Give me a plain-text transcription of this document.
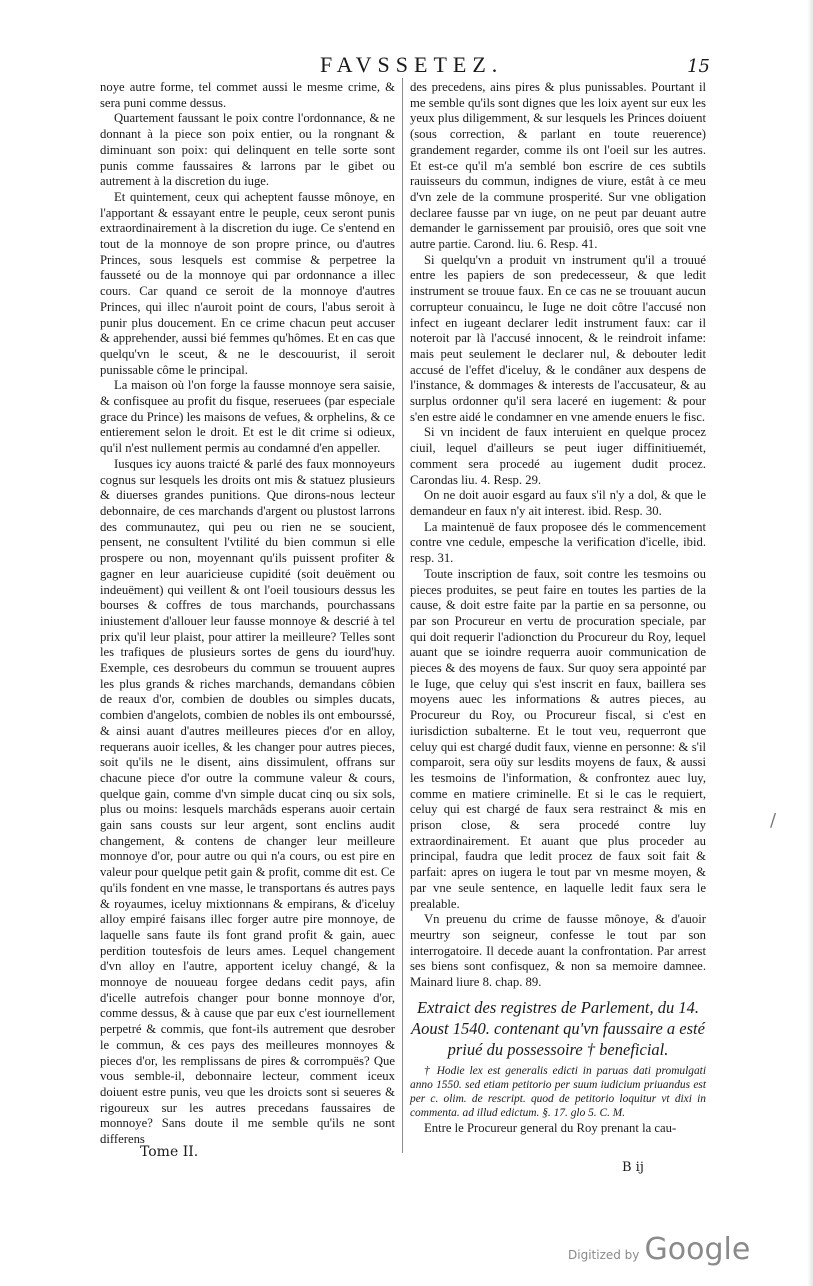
FAVSSETEZ.	15

noye autre forme, tel commet aussi le mesme crime, & sera puni comme dessus.

Quartement faussant le poix contre l'ordonnance, & ne donnant à la piece son poix entier, ou la rongnant & diminuant son poix: qui delinquent en telle sorte sont punis comme faussaires & larrons par le gibet ou autrement à la discretion du iuge.

Et quintement, ceux qui acheptent fausse mônoye, en l'apportant & essayant entre le peuple, ceux seront punis extraordinairement à la discretion du iuge. Ce s'entend en tout de la monnoye de son propre prince, ou d'autres Princes, sous lesquels est commise & perpetree la fausseté ou de la monnoye qui par ordonnance a illec cours. Car quand ce seroit de la monnoye d'autres Princes, qui illec n'auroit point de cours, l'abus seroit à punir plus doucement. En ce crime chacun peut accuser & apprehender, aussi bié femmes qu'hômes. Et en cas que quelqu'vn le sceut, & ne le descouurist, il seroit punissable côme le principal.

La maison où l'on forge la fausse monnoye sera saisie, & confisquee au profit du fisque, reseruees (par especiale grace du Prince) les maisons de vefues, & orphelins, & ce entierement selon le droit. Et est le dit crime si odieux, qu'il n'est nullement permis au condamné d'en appeller.

Iusques icy auons traicté & parlé des faux monnoyeurs cognus sur lesquels les droits ont mis & statuez plusieurs & diuerses grandes punitions. Que dirons-nous lecteur debonnaire, de ces marchands d'argent ou plustost larrons des communautez, qui peu ou rien ne se soucient, pensent, ne consultent l'vtilité du bien commun si elle prospere ou non, moyennant qu'ils puissent profiter & gagner en leur auaricieuse cupidité (soit deuëment ou indeuëment) qui veillent & ont l'oeil tousiours dessus les bourses & coffres de tous marchands, pourchassans iniustement d'allouer leur fausse monnoye & descrié à tel prix qu'il leur plaist, pour attirer la meilleure? Telles sont les trafiques de plusieurs sortes de gens du iourd'huy. Exemple, ces desrobeurs du commun se trouuent aupres les plus grands & riches marchands, demandans côbien de reaux d'or, combien de doubles ou simples ducats, combien d'angelots, combien de nobles ils ont embourssé, & ainsi auant d'autres meilleures pieces d'or en alloy, requerans auoir icelles, & les changer pour autres pieces, soit qu'ils ne le disent, ains dissimulent, offrans sur chacune piece d'or outre la commune valeur & cours, quelque gain, comme d'vn simple ducat cinq ou six sols, plus ou moins: lesquels marchâds esperans auoir certain gain sans cousts sur leur argent, sont enclins audit changement, & contens de changer leur meilleure monnoye d'or, pour autre ou qui n'a cours, ou est pire en valeur pour quelque petit gain & profit, comme dit est. Ce qu'ils fondent en vne masse, le transportans és autres pays & royaumes, iceluy mixtionnans & empirans, & d'iceluy alloy empiré faisans illec forger autre pire monnoye, de laquelle sans faute ils font grand profit & gain, auec perdition toutesfois de leurs ames. Lequel changement d'vn alloy en l'autre, apportent iceluy changé, & la monnoye de nouueau forgee dedans cedit pays, afin d'icelle autrefois changer pour bonne monnoye d'or, comme dessus, & à cause que par eux c'est iournellement perpetré & commis, que font-ils autrement que desrober le commun, & ces pays des meilleures monnoyes & pieces d'or, les remplissans de pires & corrompuës? Que vous semble-il, debonnaire lecteur, comment iceux doiuent estre punis, veu que les droicts sont si seueres & rigoureux sur les autres precedans faussaires de monnoye? Sans doute il me semble qu'ils ne sont differens

des precedens, ains pires & plus punissables. Pourtant il me semble qu'ils sont dignes que les loix ayent sur eux les yeux plus diligemment, & sur lesquels les Princes doiuent (sous correction, & parlant en toute reuerence) grandement regarder, comme ils ont l'oeil sur les autres. Et est-ce qu'il m'a semblé bon escrire de ces subtils rauisseurs du commun, indignes de viure, estât à ce meu d'vn zele de la commune prosperité. Sur vne obligation declaree fausse par vn iuge, on ne peut par deuant autre demander le garnissement par prouisiô, ores que soit vne autre partie. Carond. liu. 6. Resp. 41.

Si quelqu'vn a produit vn instrument qu'il a trouué entre les papiers de son predecesseur, & que ledit instrument se trouue faux. En ce cas ne se trouuant aucun corrupteur conuaincu, le Iuge ne doit côtre l'accusé non infect en iugeant declarer ledit instrument faux: car il noteroit par là l'accusé innocent, & le reindroit infame: mais peut seulement le declarer nul, & debouter ledit accusé de l'effet d'iceluy, & le condâner aux despens de l'instance, & dommages & interests de l'accusateur, & au surplus ordonner qu'il sera laceré en iugement: & pour s'en estre aidé le condamner en vne amende enuers le fisc.

Si vn incident de faux interuient en quelque procez ciuil, lequel d'ailleurs se peut iuger diffinitiuemét, comment sera procedé au iugement dudit procez. Carondas liu. 4. Resp. 29.

On ne doit auoir esgard au faux s'il n'y a dol, & que le demandeur en faux n'y ait interest. ibid. Resp. 30.

La maintenuë de faux proposee dés le commencement contre vne cedule, empesche la verification d'icelle, ibid. resp. 31.

Toute inscription de faux, soit contre les tesmoins ou pieces produites, se peut faire en toutes les parties de la cause, & doit estre faite par la partie en sa personne, ou par son Procureur en vertu de procuration speciale, par qui doit requerir l'adionction du Procureur du Roy, lequel auant que se ioindre requerra auoir communication de pieces & des moyens de faux. Sur quoy sera appointé par le Iuge, que celuy qui s'est inscrit en faux, baillera ses moyens auec les informations & autres pieces, au Procureur du Roy, ou Procureur fiscal, si c'est en iurisdiction subalterne. Et le tout veu, requerront que celuy qui est chargé dudit faux, vienne en personne: & s'il comparoit, sera oüy sur lesdits moyens de faux, & aussi les tesmoins de l'information, & confrontez auec luy, comme en matiere criminelle. Et si le cas le requiert, celuy qui est chargé de faux sera restrainct & mis en prison close, & sera procedé contre luy extraordinairement. Et auant que plus proceder au principal, faudra que ledit procez de faux soit fait & parfait: apres on iugera le tout par vn mesme moyen, & par vne seule sentence, en laquelle ledit faux sera le prealable.

Vn preuenu du crime de fausse mônoye, & d'auoir meurtry son seigneur, confesse le tout par son interrogatoire. Il decede auant la confrontation. Par arrest ses biens sont confisquez, & non sa memoire damnee. Mainard liure 8. chap. 89.

Extraict des registres de Parlement, du 14. Aoust 1540. contenant qu'vn faussaire a esté priué du possessoire † beneficial.

† Hodie lex est generalis edicti in paruas dati promulgati anno 1550. sed etiam petitorio per suum iudicium priuandus est per c. olim. de rescript. quod de petitorio loquitur vt dixi in commenta. ad illud edictum. §. 17. glo 5. C. M.

Entre le Procureur general du Roy prenant la cau-

Tome II.
B ij
/
Digitized by Google
